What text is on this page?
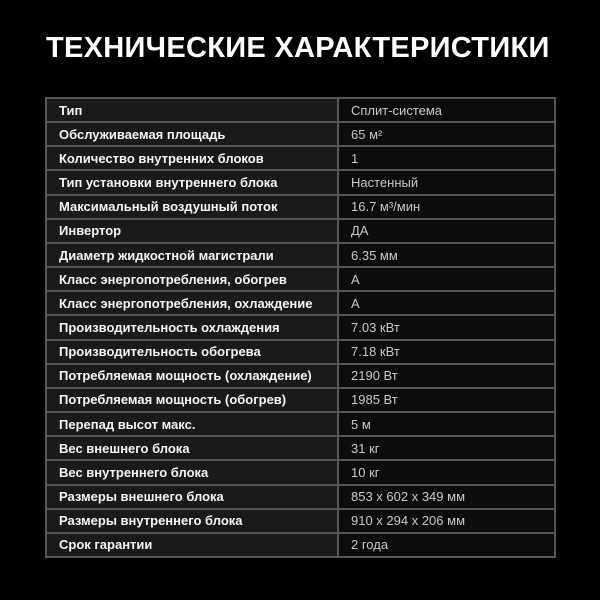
ТЕХНИЧЕСКИЕ ХАРАКТЕРИСТИКИ
Тип	Сплит-система
Обслуживаемая площадь	65 м²
Количество внутренних блоков	1
Тип установки внутреннего блока	Настенный
Максимальный воздушный поток	16.7 м³/мин
Инвертор	ДА
Диаметр жидкостной магистрали	6.35 мм
Класс энергопотребления, обогрев	A
Класс энергопотребления, охлаждение	A
Производительность охлаждения	7.03 кВт
Производительность обогрева	7.18 кВт
Потребляемая мощность (охлаждение)	2190 Вт
Потребляемая мощность (обогрев)	1985 Вт
Перепад высот макс.	5 м
Вес внешнего блока	31 кг
Вес внутреннего блока	10 кг
Размеры внешнего блока	853 x 602 x 349 мм
Размеры внутреннего блока	910 x 294 x 206 мм
Срок гарантии	2 года
